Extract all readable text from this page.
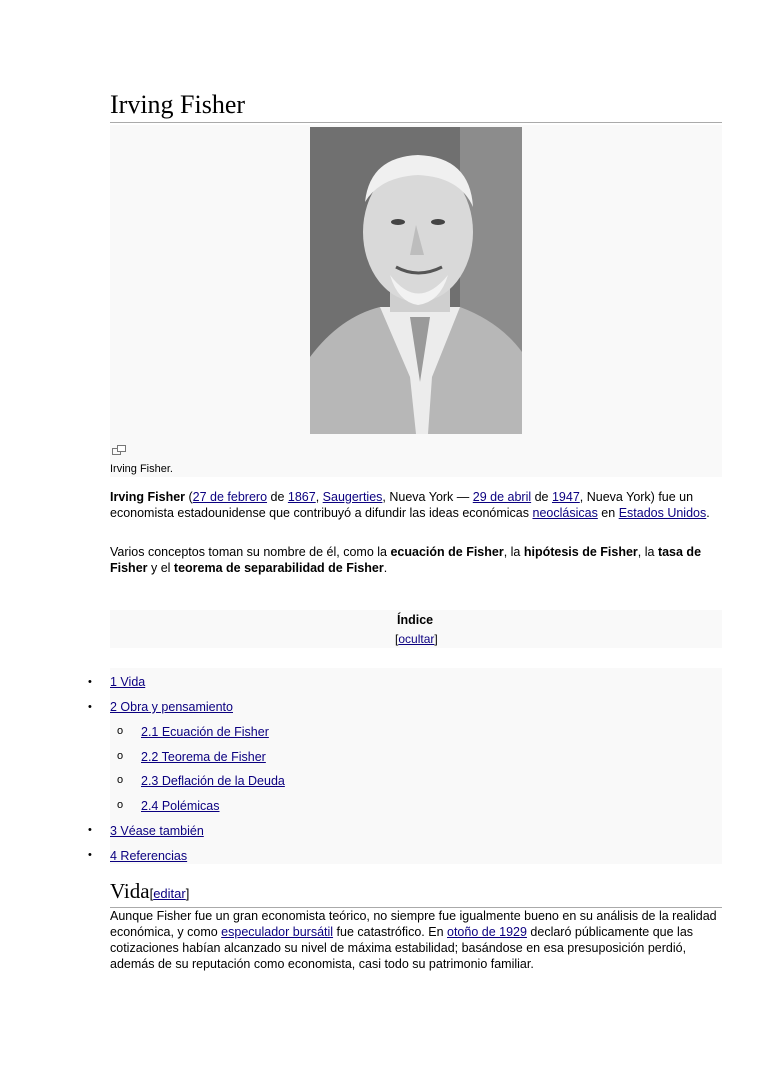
Irving Fisher
Irving Fisher.
Irving Fisher (27 de febrero de 1867, Saugerties, Nueva York — 29 de abril de 1947, Nueva York) fue un economista estadounidense que contribuyó a difundir las ideas económicas neoclásicas en Estados Unidos.
Varios conceptos toman su nombre de él, como la ecuación de Fisher, la hipótesis de Fisher, la tasa de Fisher y el teorema de separabilidad de Fisher.
Índice
[ocultar]
• 1 Vida
• 2 Obra y pensamiento
o 2.1 Ecuación de Fisher
o 2.2 Teorema de Fisher
o 2.3 Deflación de la Deuda
o 2.4 Polémicas
• 3 Véase también
• 4 Referencias
Vida[editar]
Aunque Fisher fue un gran economista teórico, no siempre fue igualmente bueno en su análisis de la realidad económica, y como especulador bursátil fue catastrófico. En otoño de 1929 declaró públicamente que las cotizaciones habían alcanzado su nivel de máxima estabilidad; basándose en esa presuposición perdió, además de su reputación como economista, casi todo su patrimonio familiar.
